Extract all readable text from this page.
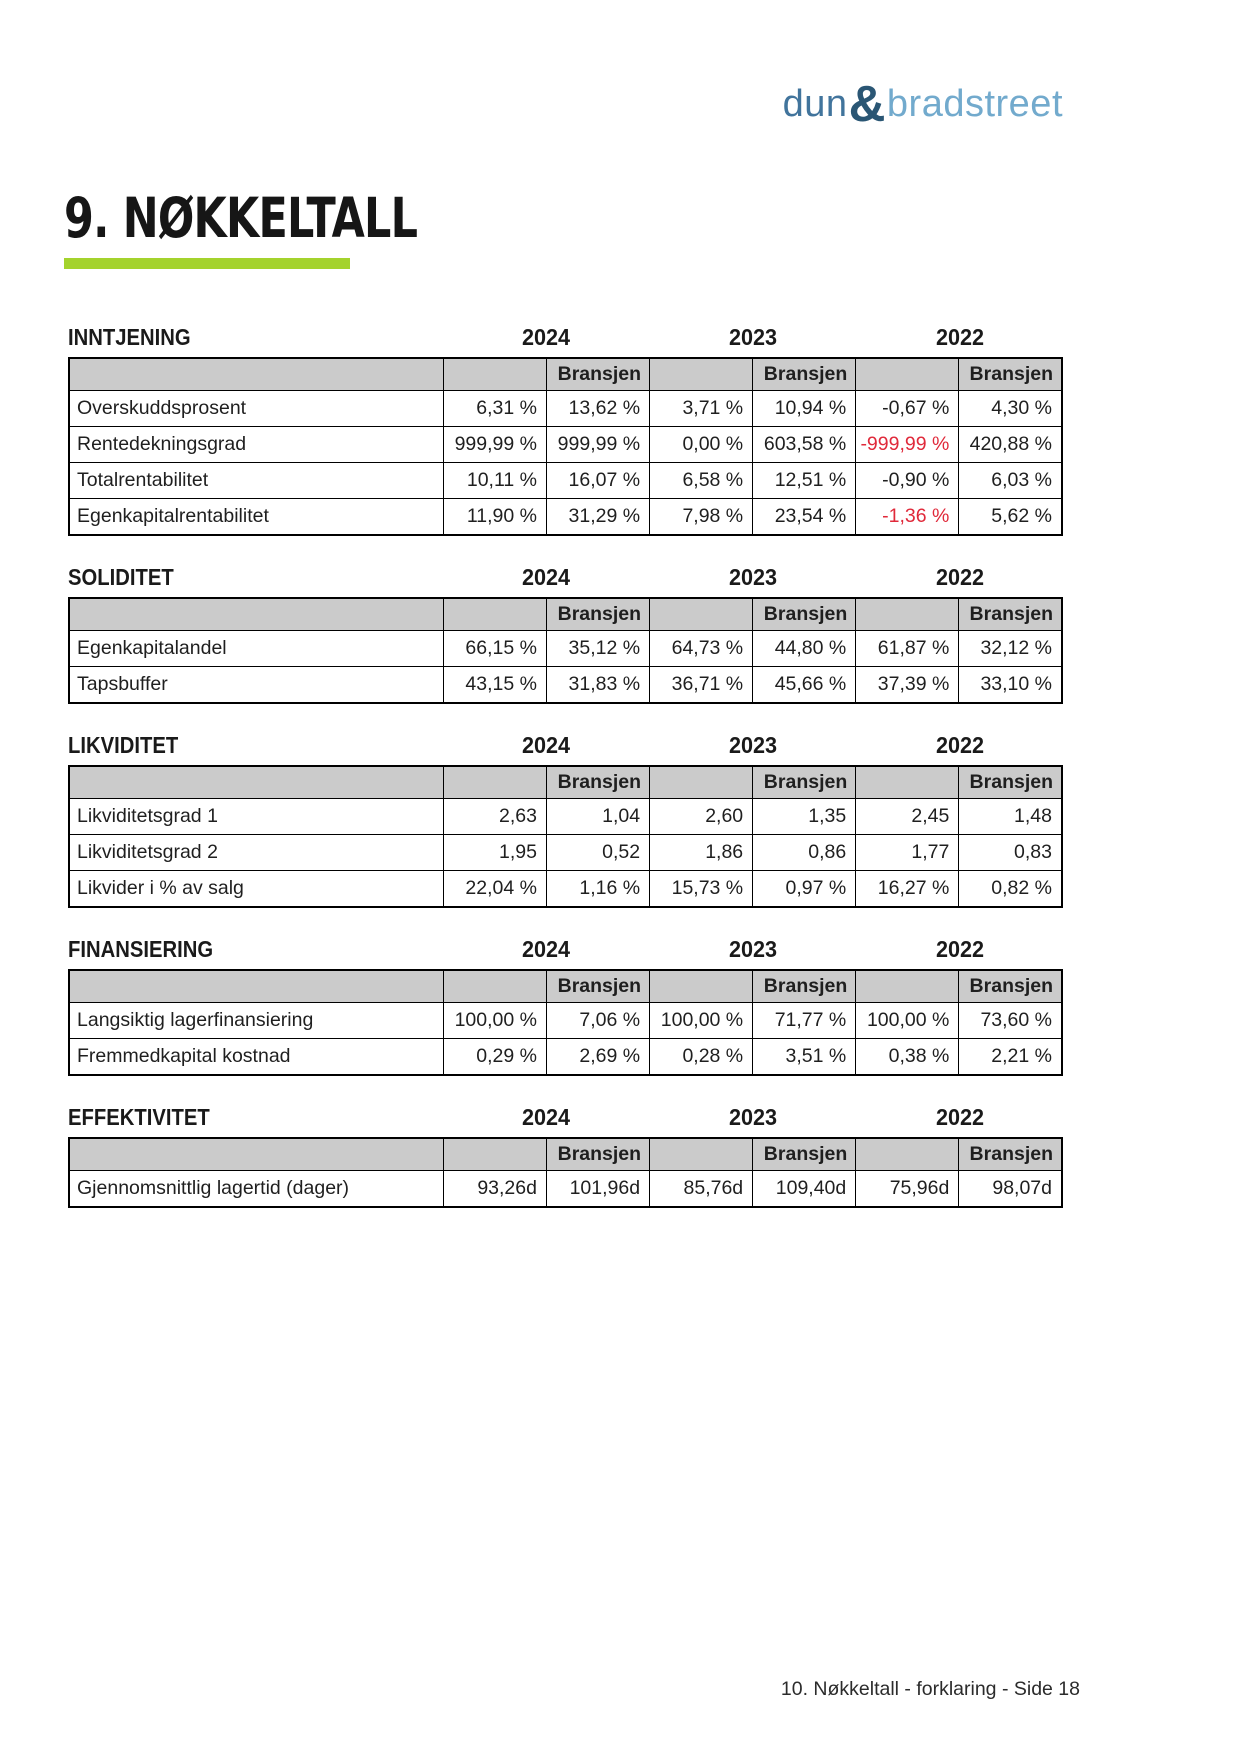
dun&bradstreet
9. NØKKELTALL
INNTJENING	2024	2023	2022
		Bransjen		Bransjen		Bransjen
Overskuddsprosent	6,31 %	13,62 %	3,71 %	10,94 %	-0,67 %	4,30 %
Rentedekningsgrad	999,99 %	999,99 %	0,00 %	603,58 %	-999,99 %	420,88 %
Totalrentabilitet	10,11 %	16,07 %	6,58 %	12,51 %	-0,90 %	6,03 %
Egenkapitalrentabilitet	11,90 %	31,29 %	7,98 %	23,54 %	-1,36 %	5,62 %
SOLIDITET	2024	2023	2022
		Bransjen		Bransjen		Bransjen
Egenkapitalandel	66,15 %	35,12 %	64,73 %	44,80 %	61,87 %	32,12 %
Tapsbuffer	43,15 %	31,83 %	36,71 %	45,66 %	37,39 %	33,10 %
LIKVIDITET	2024	2023	2022
		Bransjen		Bransjen		Bransjen
Likviditetsgrad 1	2,63	1,04	2,60	1,35	2,45	1,48
Likviditetsgrad 2	1,95	0,52	1,86	0,86	1,77	0,83
Likvider i % av salg	22,04 %	1,16 %	15,73 %	0,97 %	16,27 %	0,82 %
FINANSIERING	2024	2023	2022
		Bransjen		Bransjen		Bransjen
Langsiktig lagerfinansiering	100,00 %	7,06 %	100,00 %	71,77 %	100,00 %	73,60 %
Fremmedkapital kostnad	0,29 %	2,69 %	0,28 %	3,51 %	0,38 %	2,21 %
EFFEKTIVITET	2024	2023	2022
		Bransjen		Bransjen		Bransjen
Gjennomsnittlig lagertid (dager)	93,26d	101,96d	85,76d	109,40d	75,96d	98,07d
10. Nøkkeltall - forklaring - Side 18
